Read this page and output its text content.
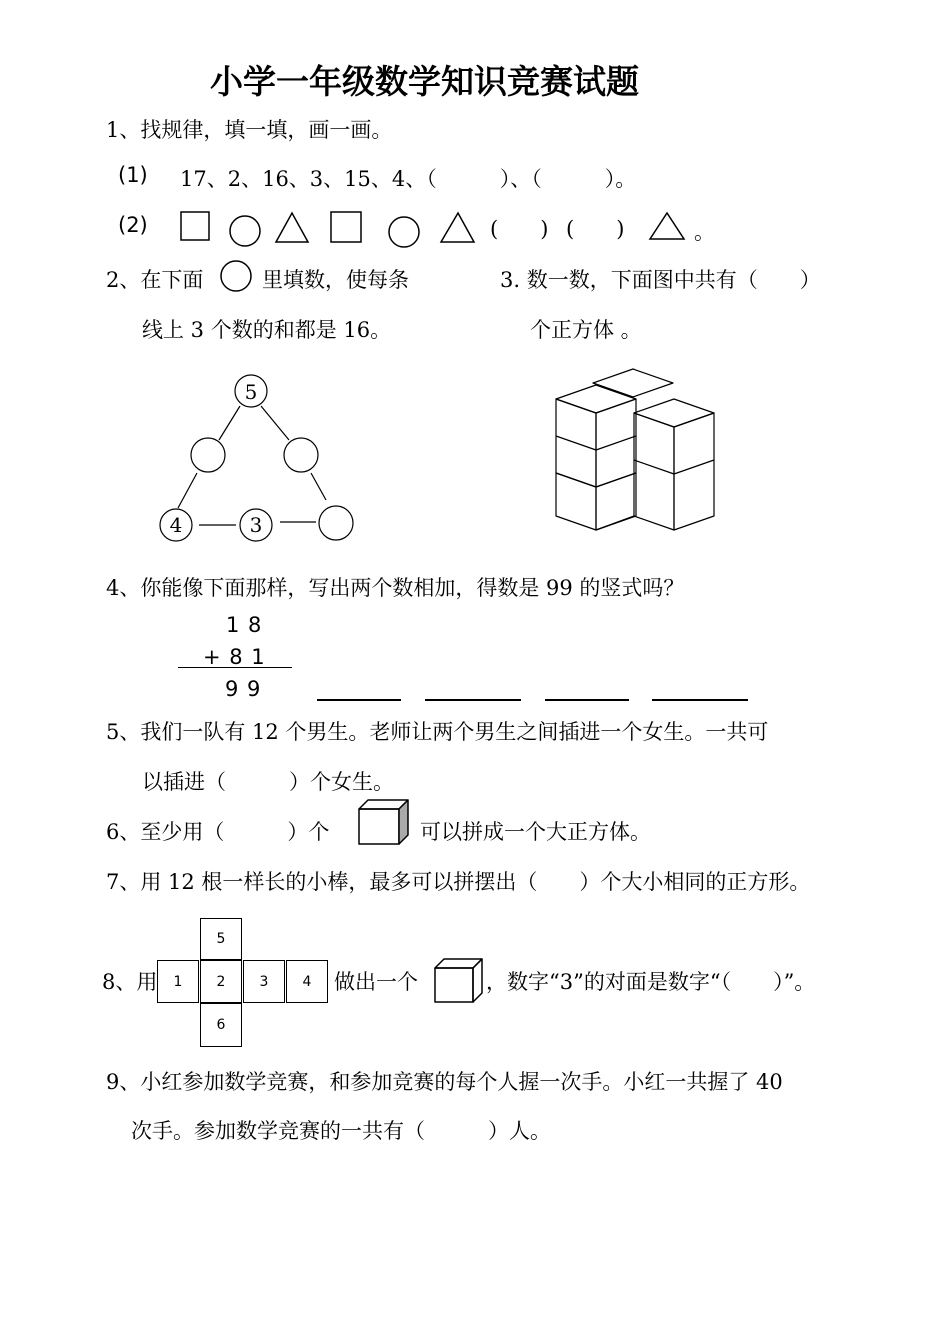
小学一年级数学知识竞赛试题
1、找规律，填一填，画一画。
(1) 17、2、16、3、15、4、（　　　）、（　　　）。
(2)	(　　) (　　)	。
2、在下面	里填数，使每条
线上 3 个数的和都是 16。
5
4	3
3. 数一数，下面图中共有（　　）
个正方体 。
4、你能像下面那样，写出两个数相加，得数是 99 的竖式吗？
1 8
+ 8 1
9 9
5、我们一队有 12 个男生。老师让两个男生之间插进一个女生。一共可
以插进（　　　）个女生。
6、至少用（　　　）个	可以拼成一个大正方体。
7、用 12 根一样长的小棒，最多可以拼摆出（　　）个大小相同的正方形。
8、用
5
1	2	3	4
6
做出一个	，数字“3”的对面是数字“（　　）”。
9、小红参加数学竞赛，和参加竞赛的每个人握一次手。小红一共握了 40
次手。参加数学竞赛的一共有（　　　）人。
